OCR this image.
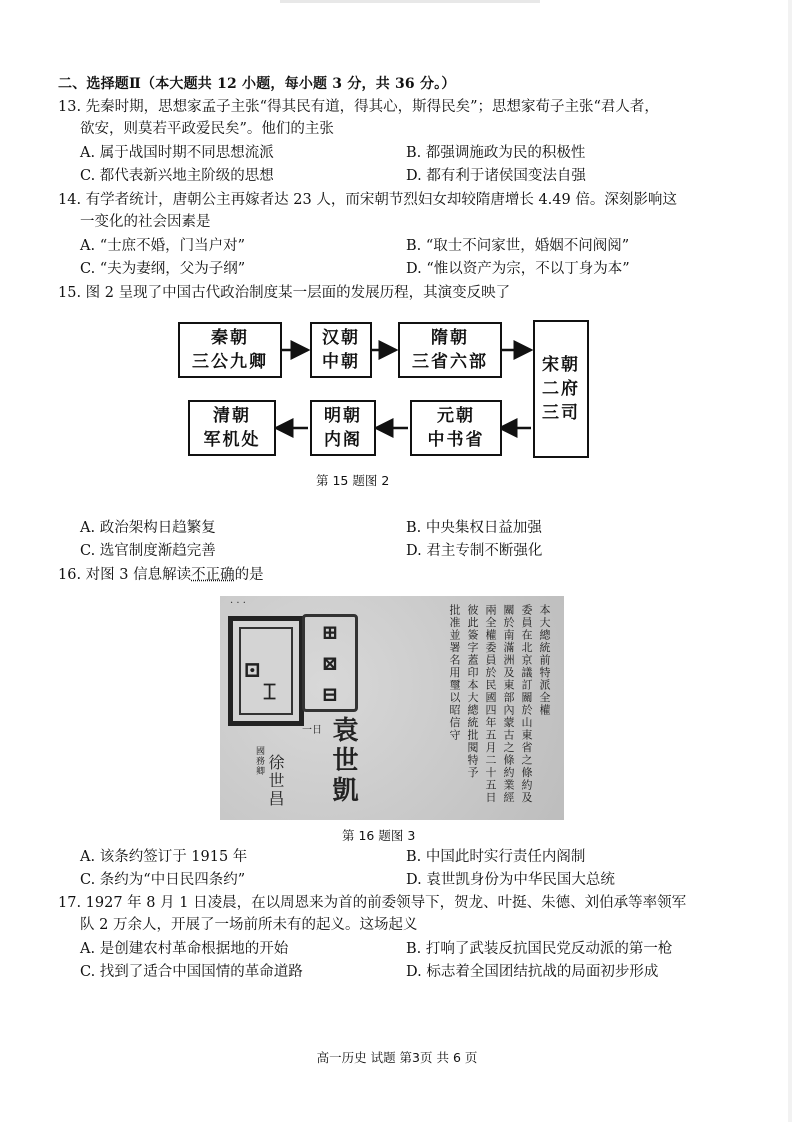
二、选择题Ⅱ（本大题共 12 小题，每小题 3 分，共 36 分。）
13. 先秦时期，思想家孟子主张“得其民有道，得其心，斯得民矣”；思想家荀子主张“君人者，
欲安，则莫若平政爱民矣”。他们的主张
A. 属于战国时期不同思想流派	B. 都强调施政为民的积极性
C. 都代表新兴地主阶级的思想	D. 都有利于诸侯国变法自强
14. 有学者统计，唐朝公主再嫁者达 23 人，而宋朝节烈妇女却较隋唐增长 4.49 倍。深刻影响这
一变化的社会因素是
A. “士庶不婚，门当户对”	B. “取士不问家世，婚姻不问阀阅”
C. “夫为妻纲，父为子纲”	D. “惟以资产为宗，不以丁身为本”
15. 图 2 呈现了中国古代政治制度某一层面的发展历程，其演变反映了
秦朝
三公九卿
汉朝
中朝
隋朝
三省六部	宋朝
二府
三司
元朝
中书省
明朝
内阁
清朝
军机处
第 15 题图 2
A. 政治架构日趋繁复	B. 中央集权日益加强
C. 选官制度渐趋完善	D. 君主专制不断强化
16. 对图 3 信息解读不正确的是
· · ·
⊡
⌶
⊞
⊠
⊟
一日 袁世凱
國務卿 徐世昌
本大總統前特派全權
委員在北京議訂關於山東省之條約及
關於南滿洲及東部內蒙古之條約業經
兩全權委員於民國四年五月二十五日
彼此簽字蓋印本大總統批閱特予
批准並署名用璽以昭信守
第 16 题图 3
A. 该条约签订于 1915 年	B. 中国此时实行责任内阁制
C. 条约为“中日民四条约”	D. 袁世凯身份为中华民国大总统
17. 1927 年 8 月 1 日凌晨，在以周恩来为首的前委领导下，贺龙、叶挺、朱德、刘伯承等率领军
队 2 万余人，开展了一场前所未有的起义。这场起义
A. 是创建农村革命根据地的开始	B. 打响了武装反抗国民党反动派的第一枪
C. 找到了适合中国国情的革命道路	D. 标志着全国团结抗战的局面初步形成
高一历史 试题 第3页 共 6 页
